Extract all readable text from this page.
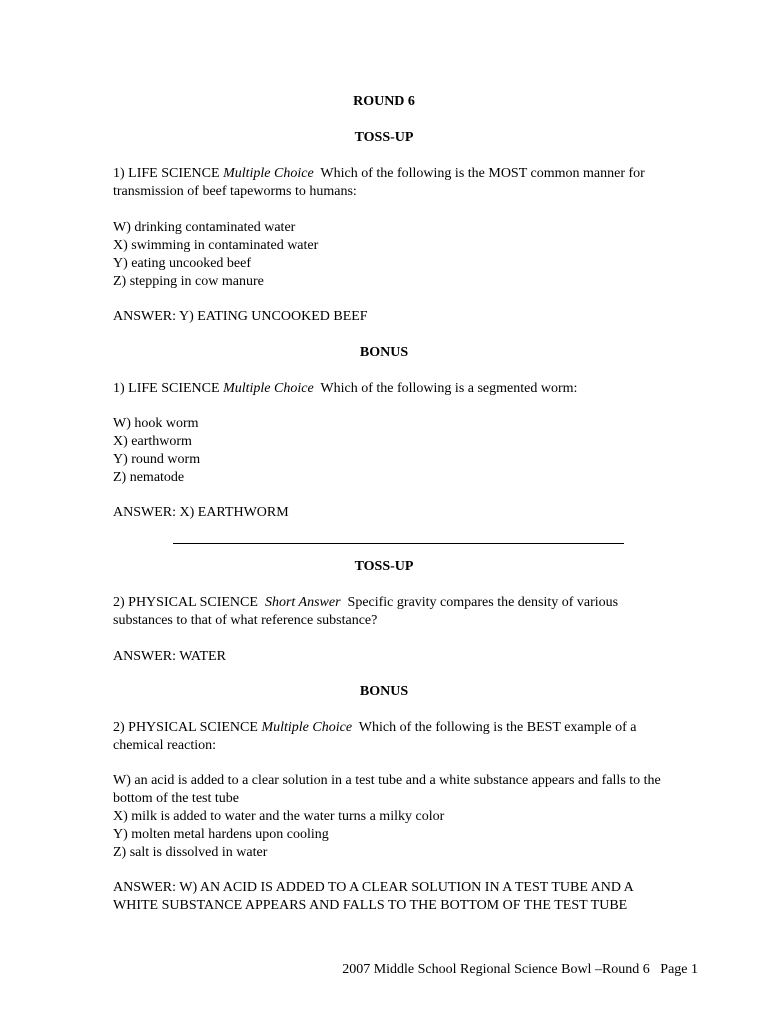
ROUND 6
TOSS-UP
1) LIFE SCIENCE Multiple Choice Which of the following is the MOST common manner for
transmission of beef tapeworms to humans:
W) drinking contaminated water
X) swimming in contaminated water
Y) eating uncooked beef
Z) stepping in cow manure
ANSWER: Y) EATING UNCOOKED BEEF
BONUS
1) LIFE SCIENCE Multiple Choice Which of the following is a segmented worm:
W) hook worm
X) earthworm
Y) round worm
Z) nematode
ANSWER: X) EARTHWORM
TOSS-UP
2) PHYSICAL SCIENCE Short Answer Specific gravity compares the density of various
substances to that of what reference substance?
ANSWER: WATER
BONUS
2) PHYSICAL SCIENCE Multiple Choice Which of the following is the BEST example of a
chemical reaction:
W) an acid is added to a clear solution in a test tube and a white substance appears and falls to the
bottom of the test tube
X) milk is added to water and the water turns a milky color
Y) molten metal hardens upon cooling
Z) salt is dissolved in water
ANSWER: W) AN ACID IS ADDED TO A CLEAR SOLUTION IN A TEST TUBE AND A
WHITE SUBSTANCE APPEARS AND FALLS TO THE BOTTOM OF THE TEST TUBE
2007 Middle School Regional Science Bowl –Round 6   Page 1
